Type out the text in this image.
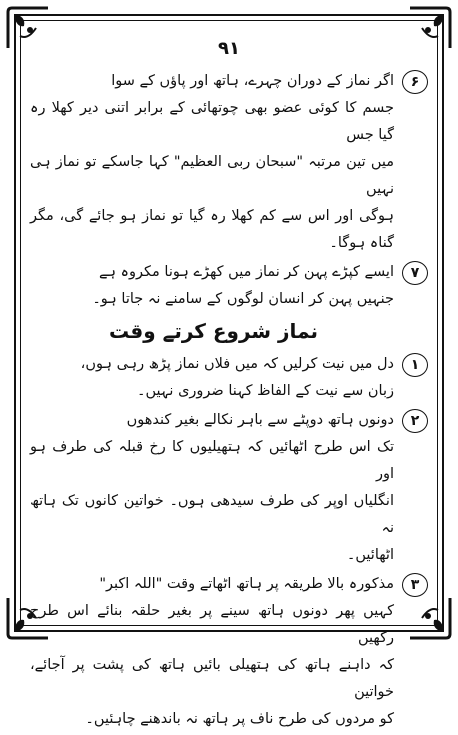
۹۱
۶
اگر نماز کے دوران چہرے، ہاتھ اور پاؤں کے سوا
جسم کا کوئی عضو بھی چوتھائی کے برابر اتنی دیر کھلا رہ گیا جس
میں تین مرتبہ "سبحان ربی العظیم" کہا جاسکے تو نماز ہی نہیں
ہوگی اور اس سے کم کھلا رہ گیا تو نماز ہو جائے گی، مگر گناہ ہوگا۔
۷
ایسے کپڑے پہن کر نماز میں کھڑے ہونا مکروہ ہے
جنہیں پہن کر انسان لوگوں کے سامنے نہ جاتا ہو۔
نماز شروع کرتے وقت
۱
دل میں نیت کرلیں کہ میں فلاں نماز پڑھ رہی ہوں،
زبان سے نیت کے الفاظ کہنا ضروری نہیں۔
۲
دونوں ہاتھ دوپٹے سے باہر نکالے بغیر کندھوں
تک اس طرح اٹھائیں کہ ہتھیلیوں کا رخ قبلہ کی طرف ہو اور
انگلیاں اوپر کی طرف سیدھی ہوں۔ خواتین کانوں تک ہاتھ نہ
اٹھائیں۔
۳
مذکورہ بالا طریقہ پر ہاتھ اٹھاتے وقت "اللہ اکبر"
کہیں پھر دونوں ہاتھ سینے پر بغیر حلقہ بنائے اس طرح رکھیں
کہ داہنے ہاتھ کی ہتھیلی بائیں ہاتھ کی پشت پر آجائے، خواتین
کو مردوں کی طرح ناف پر ہاتھ نہ باندھنے چاہئیں۔
